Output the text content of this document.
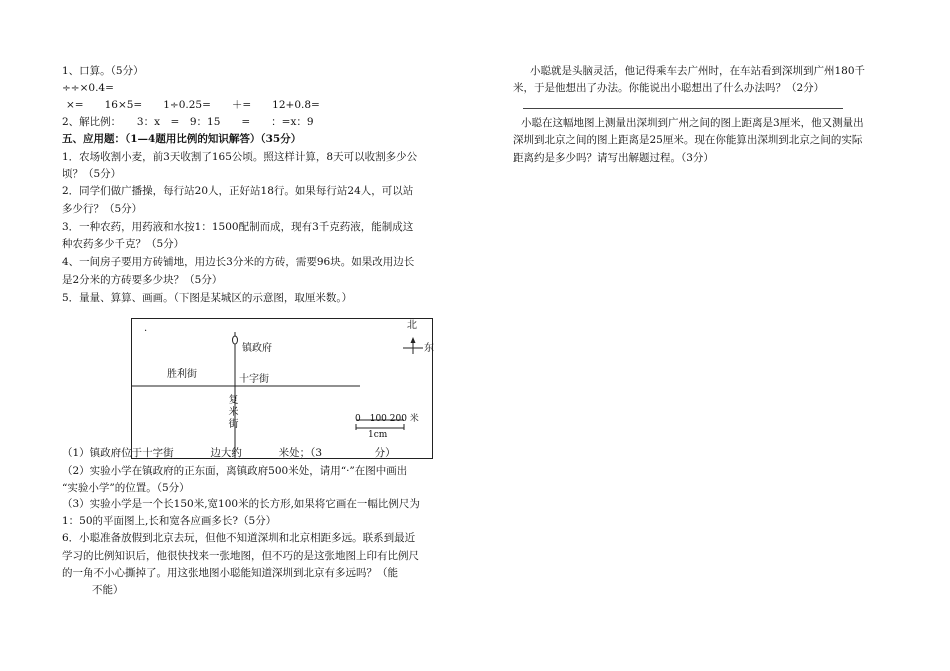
1、口算。（5分）
÷÷×0.4=
×=　　16×5=　　1÷0.25=　　＋=　　12+0.8=
2、解比例：　　3：x　=　9：15　　=　　：=x：9
五、应用题：（1—4题用比例的知识解答）（35分）
1．农场收割小麦，前3天收割了165公顷。照这样计算，8天可以收割多少公
顷？（5分）
2．同学们做广播操，每行站20人，正好站18行。如果每行站24人，可以站
多少行？（5分）
3．一种农药，用药液和水按1：1500配制而成，现有3千克药液，能制成这
种农药多少千克？（5分）
4、一间房子要用方砖铺地，用边长3分米的方砖，需要96块。如果改用边长
是2分米的方砖要多少块？（5分）
5．量量、算算、画画。（下图是某城区的示意图，取厘米数。）
.
镇政府
胜利街	十字街
复
米
街
北
东
0　100 200 米
1cm
（1）镇政府位于十字街_______边大约_______米处；（3　　　　　分）
（2）实验小学在镇政府的正东面，离镇政府500米处，请用“·”在图中画出
“实验小学”的位置。（5分）
（3）实验小学是一个长150米,宽100米的长方形,如果将它画在一幅比例尺为
1：50的平面图上,长和宽各应画多长?（5分）
6．小聪准备放假到北京去玩，但他不知道深圳和北京相距多远。联系到最近
学习的比例知识后，他很快找来一张地图，但不巧的是这张地图上印有比例尺
的一角不小心撕掉了。用这张地图小聪能知道深圳到北京有多远吗？（能
不能）
小聪就是头脑灵活，他记得乘车去广州时，在车站看到深圳到广州180千
米，于是他想出了办法。你能说出小聪想出了什么办法吗？（2分）
小聪在这幅地图上测量出深圳到广州之间的图上距离是3厘米，他又测量出
深圳到北京之间的图上距离是25厘米。现在你能算出深圳到北京之间的实际
距离约是多少吗？请写出解题过程。（3分）
